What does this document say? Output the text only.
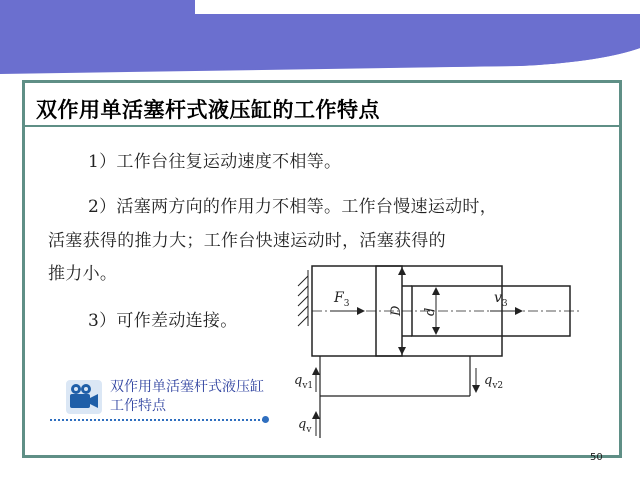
双作用单活塞杆式液压缸的工作特点
1）工作台往复运动速度不相等。
2）活塞两方向的作用力不相等。工作台慢速运动时，
活塞获得的推力大；工作台快速运动时，活塞获得的
推力小。
3）可作差动连接。
$F_3$	$v_3$
D d
$q_{v1}$	$q_{v2}$
$q_v$
双作用单活塞杆式液压缸工作特点
50
